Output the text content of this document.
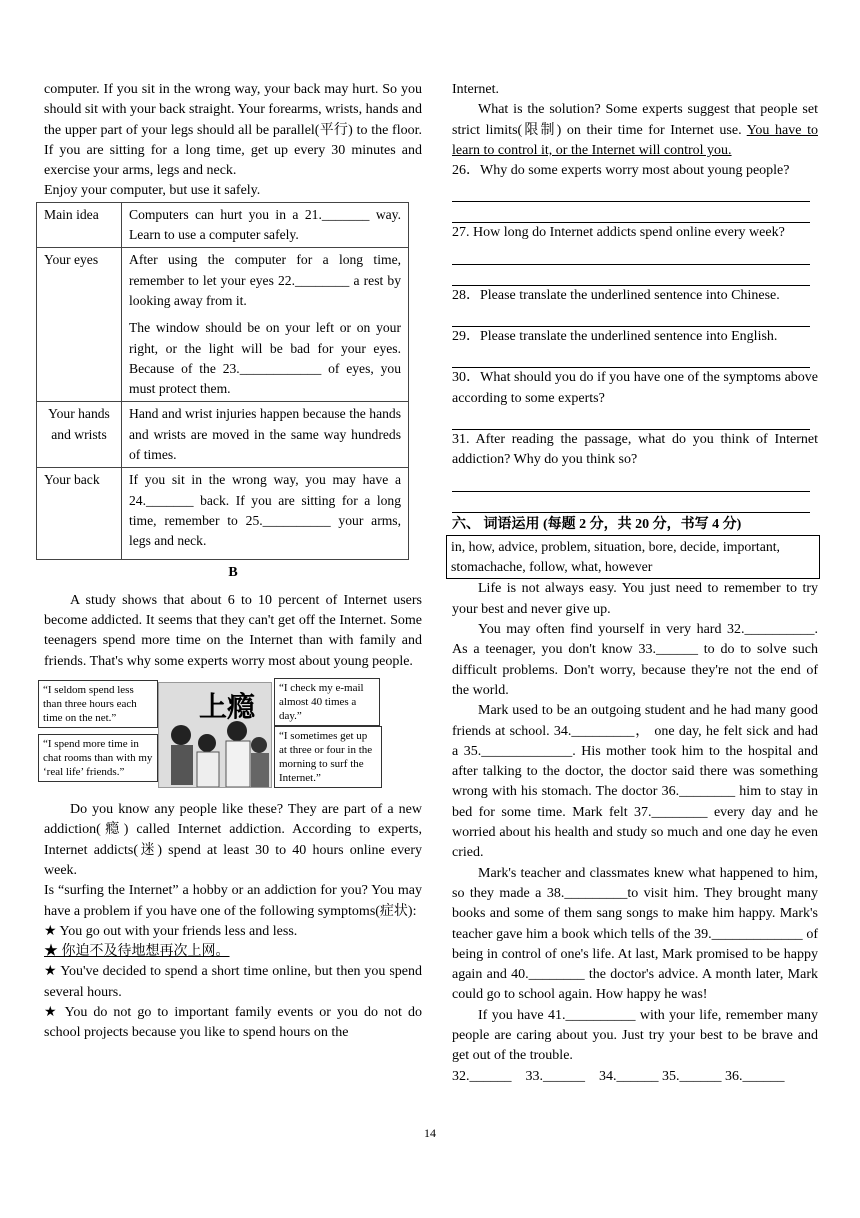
computer. If you sit in the wrong way, your back may hurt. So you should sit with your back straight. Your forearms, wrists, hands and the upper part of your legs should all be parallel(平行) to the floor. If you are sitting for a long time, get up every 30 minutes and exercise your arms, legs and neck.

Enjoy your computer, but use it safely.

Main idea	Computers can hurt you in a 21._______ way. Learn to use a computer safely.
Your eyes	After using the computer for a long time, remember to let your eyes 22.________ a rest by looking away from it.

The window should be on your left or on your right, or the light will be bad for your eyes. Because of the 23.____________ of eyes, you must protect them.

Your hands and wrists	Hand and wrist injuries happen because the hands and wrists are moved in the same way hundreds of times.
Your back	If you sit in the wrong way, you may have a 24._______ back. If you are sitting for a long time, remember to 25.__________ your arms, legs and neck.

B

A study shows that about 6 to 10 percent of Internet users become addicted. It seems that they can't get off the Internet. Some teenagers spend more time on the Internet than with family and friends. That's why some experts worry most about young people.

“I seldom spend less than three hours each time on the net.”
“I spend more time in chat rooms than with my ‘real life’ friends.”
上瘾
“I check my e-mail almost 40 times a day.”
“I sometimes get up at three or four in the morning to surf the Internet.”

Do you know any people like these? They are part of a new addiction(瘾) called Internet addiction. According to experts, Internet addicts(迷) spend at least 30 to 40 hours online every week.

Is “surfing the Internet” a hobby or an addiction for you? You may have a problem if you have one of the following symptoms(症状):

★ You go out with your friends less and less.

★ 你迫不及待地想再次上网。

★ You've decided to spend a short time online, but then you spend several hours.

★ You do not go to important family events or you do not do school projects because you like to spend hours on the

Internet.

What is the solution? Some experts suggest that people set strict limits(限制) on their time for Internet use. You have to learn to control it, or the Internet will control you.

26．Why do some experts worry most about young people?

27. How long do Internet addicts spend online every week?

28．Please translate the underlined sentence into Chinese.

29．Please translate the underlined sentence into English.

30．What should you do if you have one of the symptoms above according to some experts?

31. After reading the passage, what do you think of Internet addiction? Why do you think so?

六、 词语运用 (每题 2 分，共 20 分，书写 4 分)

in, how, advice, problem, situation, bore, decide, important, stomachache, follow, what, however

Life is not always easy. You just need to remember to try your best and never give up.

You may often find yourself in very hard 32.__________. As a teenager, you don't know 33.______ to do to solve such difficult problems. Don't worry, because they're not the end of the world.

Mark used to be an outgoing student and he had many good friends at school. 34._________， one day, he felt sick and had a 35._____________. His mother took him to the hospital and after talking to the doctor, the doctor said there was something wrong with his stomach. The doctor 36.________ him to stay in bed for some time. Mark felt 37.________ every day and he worried about his health and study so much and one day he even cried.

Mark's teacher and classmates knew what happened to him, so they made a 38._________to visit him. They brought many books and some of them sang songs to make him happy. Mark's teacher gave him a book which tells of the 39._____________ of being in control of one's life. At last, Mark promised to be happy again and 40.________ the doctor's advice. A month later, Mark could go to school again. How happy he was!

If you have 41.__________ with your life, remember many people are caring about you. Just try your best to be brave and get out of the trouble.

32.______    33.______    34.______ 35.______ 36.______

14
